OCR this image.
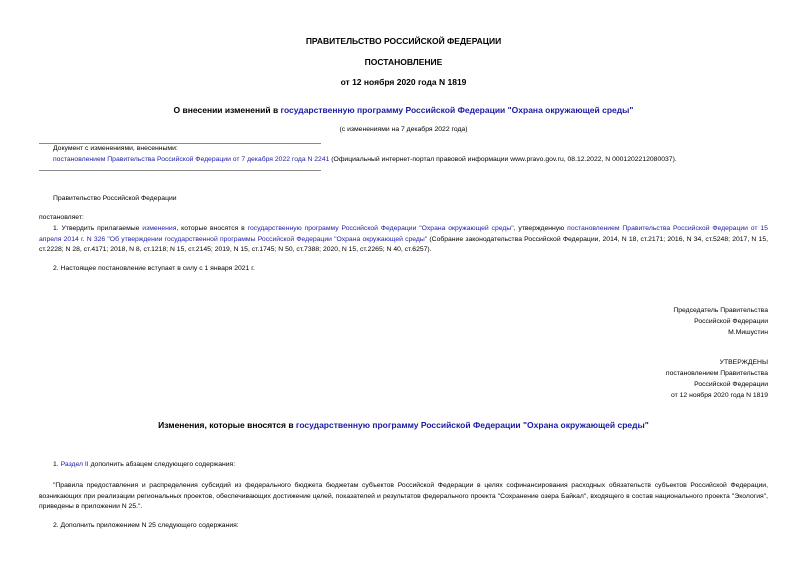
ПРАВИТЕЛЬСТВО РОССИЙСКОЙ ФЕДЕРАЦИИ
ПОСТАНОВЛЕНИЕ
от 12 ноября 2020 года N 1819
О внесении изменений в государственную программу Российской Федерации "Охрана окружающей среды"
(с изменениями на 7 декабря 2022 года)
Документ с изменениями, внесенными:
постановлением Правительства Российской Федерации от 7 декабря 2022 года N 2241 (Официальный интернет-портал правовой информации www.pravo.gov.ru, 08.12.2022, N 0001202212080037).
Правительство Российской Федерации
постановляет:
1. Утвердить прилагаемые изменения, которые вносятся в государственную программу Российской Федерации "Охрана окружающей среды", утвержденную постановлением Правительства Российской Федерации от 15 апреля 2014 г. N 326 "Об утверждении государственной программы Российской Федерации "Охрана окружающей среды" (Собрание законодательства Российской Федерации, 2014, N 18, ст.2171; 2016, N 34, ст.5248; 2017, N 15, ст.2228; N 28, ст.4171; 2018, N 8, ст.1218; N 15, ст.2145; 2019, N 15, ст.1745; N 50, ст.7388; 2020, N 15, ст.2265; N 40, ст.6257).
2. Настоящее постановление вступает в силу с 1 января 2021 г.
Председатель Правительства
Российской Федерации
М.Мишустин
УТВЕРЖДЕНЫ
постановлением Правительства
Российской Федерации
от 12 ноября 2020 года N 1819
Изменения, которые вносятся в государственную программу Российской Федерации "Охрана окружающей среды"
1. Раздел II дополнить абзацем следующего содержания:
"Правила предоставления и распределения субсидий из федерального бюджета бюджетам субъектов Российской Федерации в целях софинансирования расходных обязательств субъектов Российской Федерации, возникающих при реализации региональных проектов, обеспечивающих достижение целей, показателей и результатов федерального проекта "Сохранение озера Байкал", входящего в состав национального проекта "Экология", приведены в приложении N 25.".
2. Дополнить приложением N 25 следующего содержания:
